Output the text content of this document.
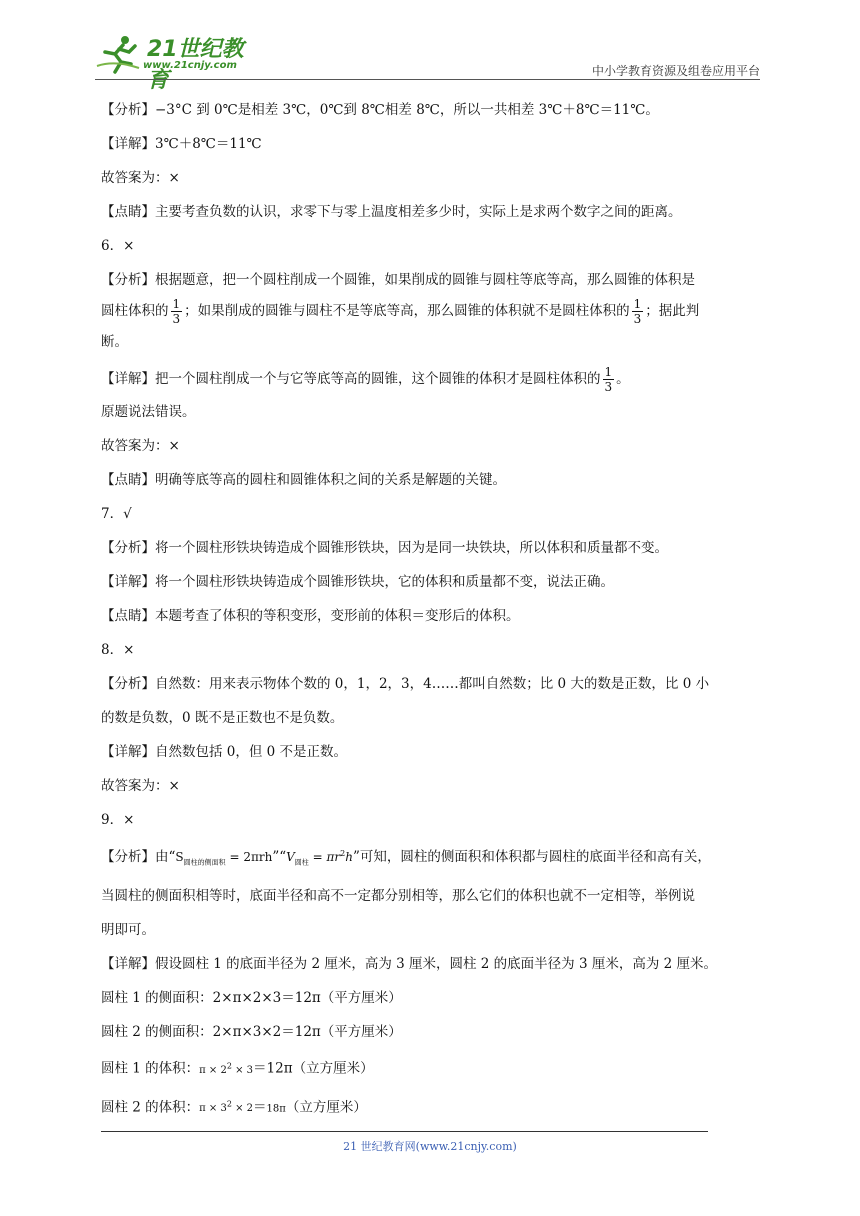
21世纪教育
www.21cnjy.com	中小学教育资源及组卷应用平台

【分析】−3°C 到 0℃是相差 3℃，0℃到 8℃相差 8℃，所以一共相差 3℃＋8℃＝11℃。

【详解】3℃＋8℃＝11℃

故答案为：×

【点睛】主要考查负数的认识，求零下与零上温度相差多少时，实际上是求两个数字之间的距离。

6．×

【分析】根据题意，把一个圆柱削成一个圆锥，如果削成的圆锥与圆柱等底等高，那么圆锥的体积是

圆柱体积的 $\frac{1}{3}$ ；如果削成的圆锥与圆柱不是等底等高，那么圆锥的体积就不是圆柱体积的 $\frac{1}{3}$ ；据此判

断。

【详解】把一个圆柱削成一个与它等底等高的圆锥，这个圆锥的体积才是圆柱体积的 $\frac{1}{3}$ 。

原题说法错误。

故答案为：×

【点睛】明确等底等高的圆柱和圆锥体积之间的关系是解题的关键。

7．√

【分析】将一个圆柱形铁块铸造成个圆锥形铁块，因为是同一块铁块，所以体积和质量都不变。

【详解】将一个圆柱形铁块铸造成个圆锥形铁块，它的体积和质量都不变，说法正确。

【点睛】本题考查了体积的等积变形，变形前的体积＝变形后的体积。

8．×

【分析】自然数：用来表示物体个数的 0，1，2，3，4……都叫自然数；比 0 大的数是正数，比 0 小

的数是负数，0 既不是正数也不是负数。

【详解】自然数包括 0，但 0 不是正数。

故答案为：×

9．×

【分析】由“$S_{圆柱的侧面积}$ = $2\pi rh”“V_{圆柱} = \pi r^2h$”可知，圆柱的侧面积和体积都与圆柱的底面半径和高有关，

当圆柱的侧面积相等时，底面半径和高不一定都分别相等，那么它们的体积也就不一定相等，举例说

明即可。

【详解】假设圆柱 1 的底面半径为 2 厘米，高为 3 厘米，圆柱 2 的底面半径为 3 厘米，高为 2 厘米。

圆柱 1 的侧面积：2×π×2×3＝12π（平方厘米）

圆柱 2 的侧面积：2×π×3×2＝12π（平方厘米）

圆柱 1 的体积：$\pi \times 2^2 \times 3=12\pi$（立方厘米）

圆柱 2 的体积：$\pi \times 3^2 \times 2=18\pi$（立方厘米）

21 世纪教育网(www.21cnjy.com)
